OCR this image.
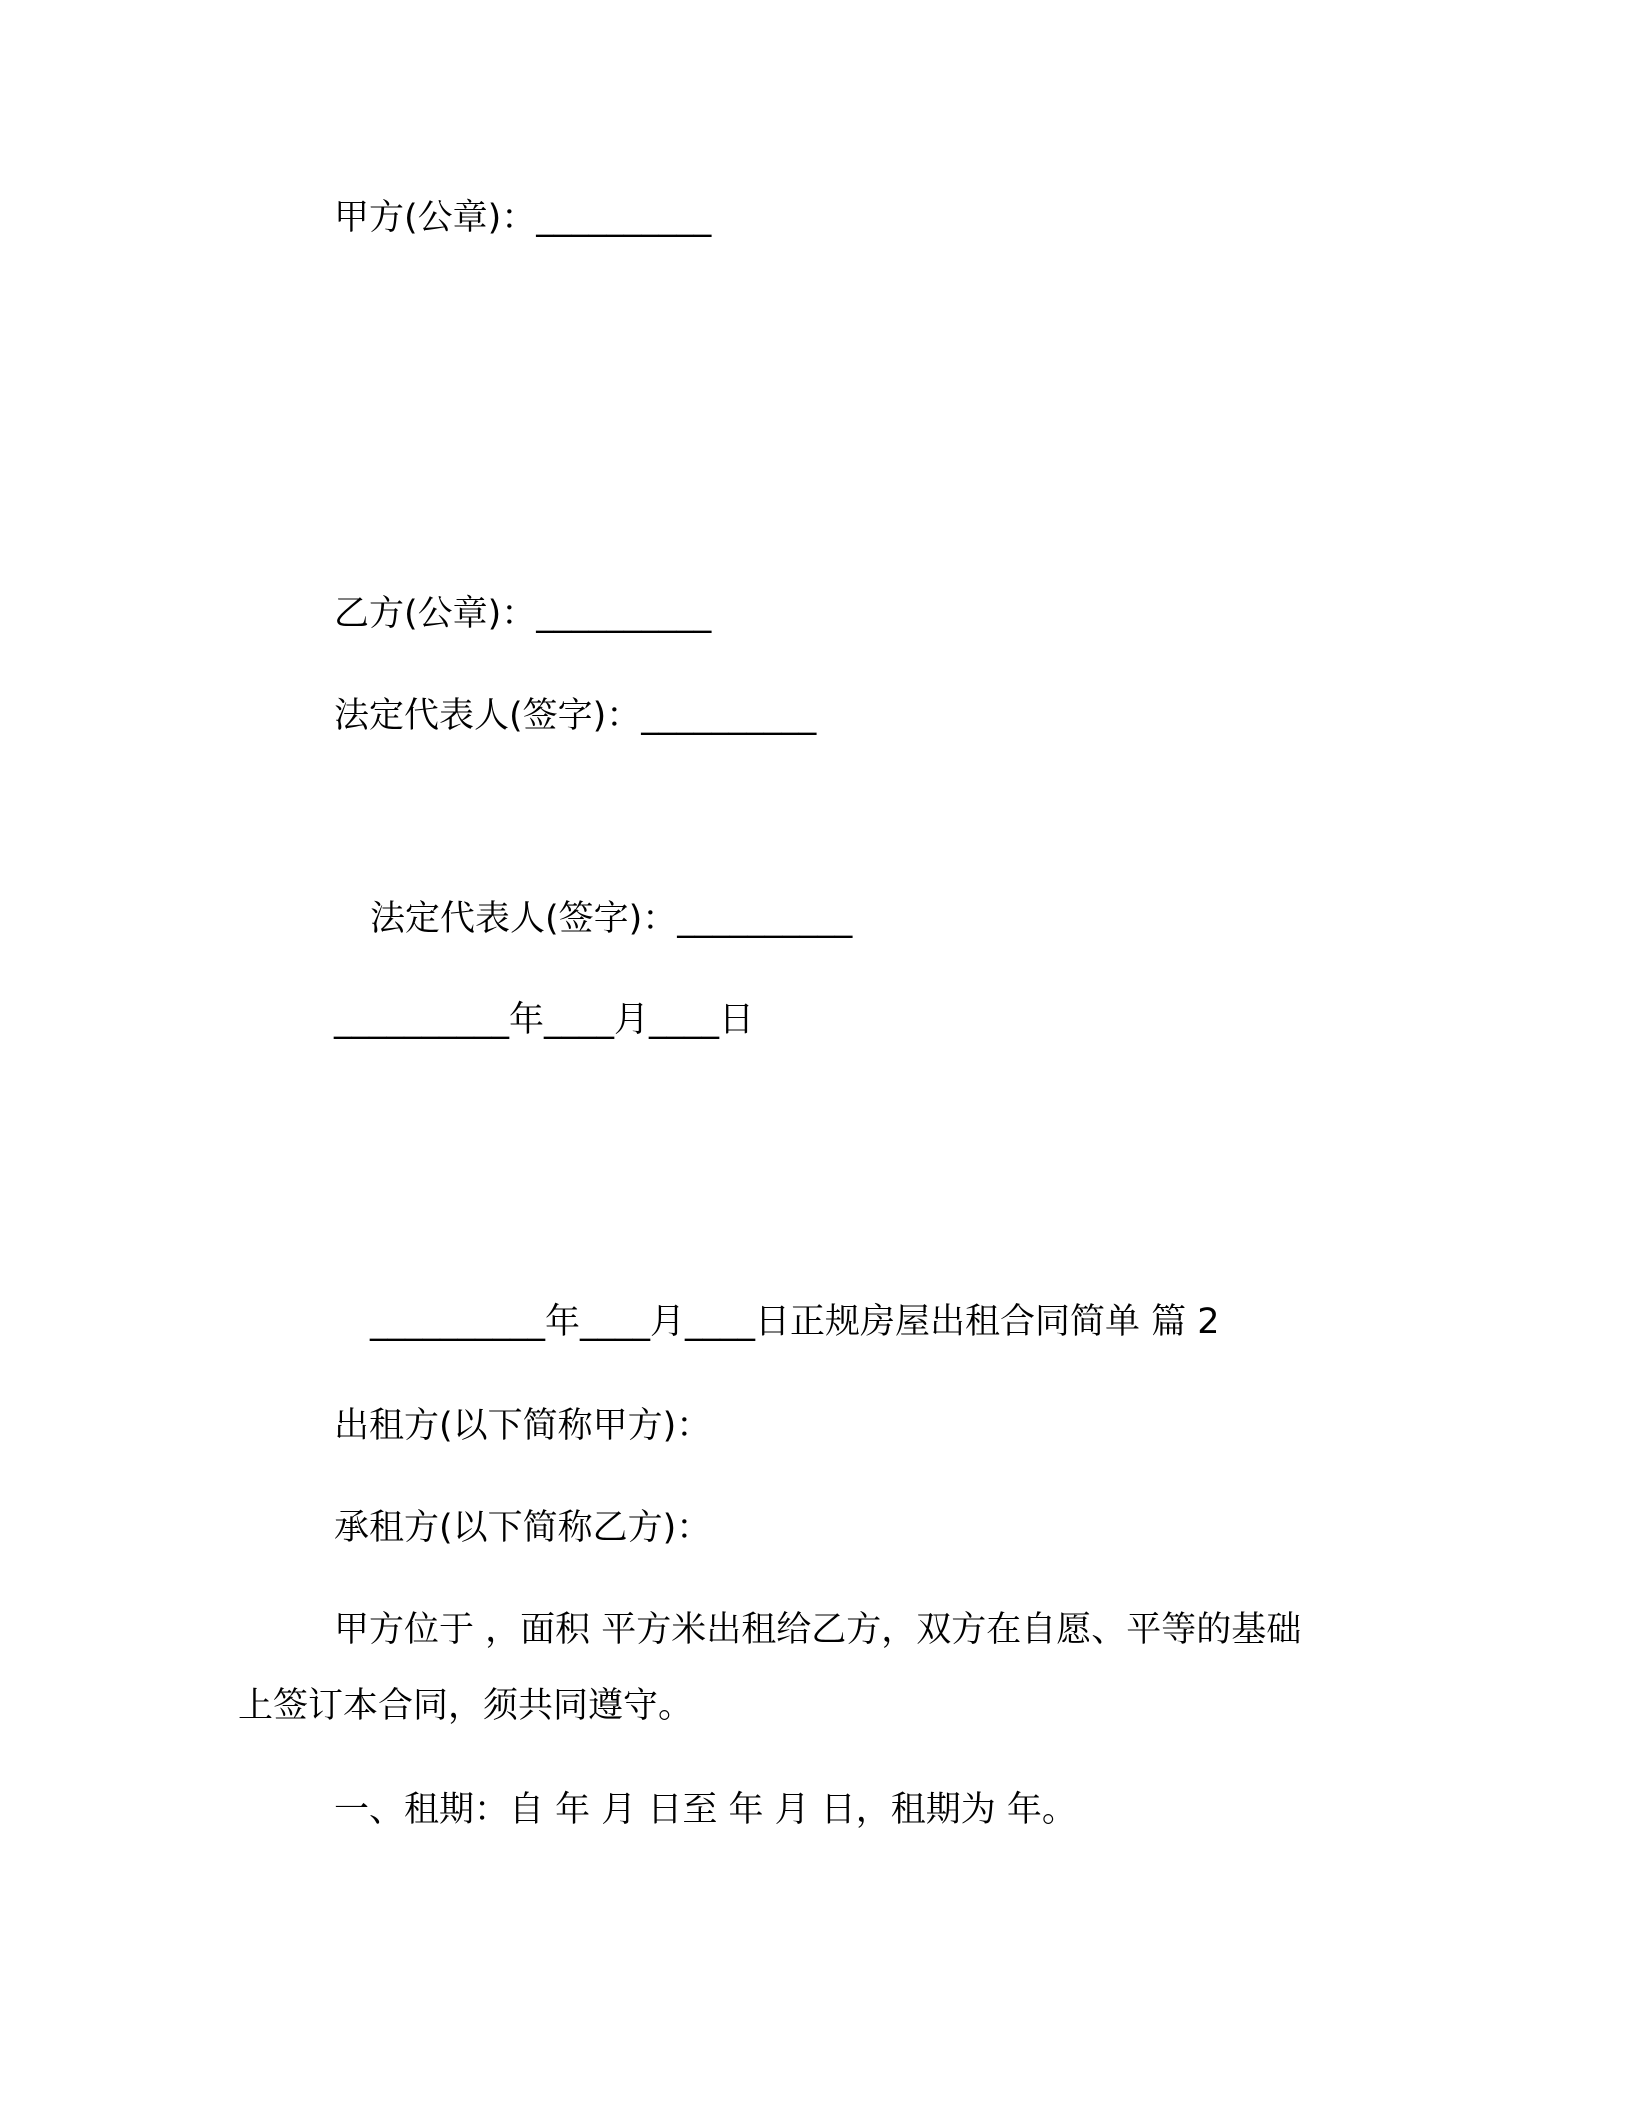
甲方(公章)：__________
乙方(公章)：__________
法定代表人(签字)：__________
法定代表人(签字)：__________
__________年____月____日
__________年____月____日正规房屋出租合同简单 篇 2
出租方(以下简称甲方)：
承租方(以下简称乙方)：
甲方位于 ，面积 平方米出租给乙方，双方在自愿、平等的基础
上签订本合同，须共同遵守。
一、租期：自 年 月 日至 年 月 日，租期为 年。
